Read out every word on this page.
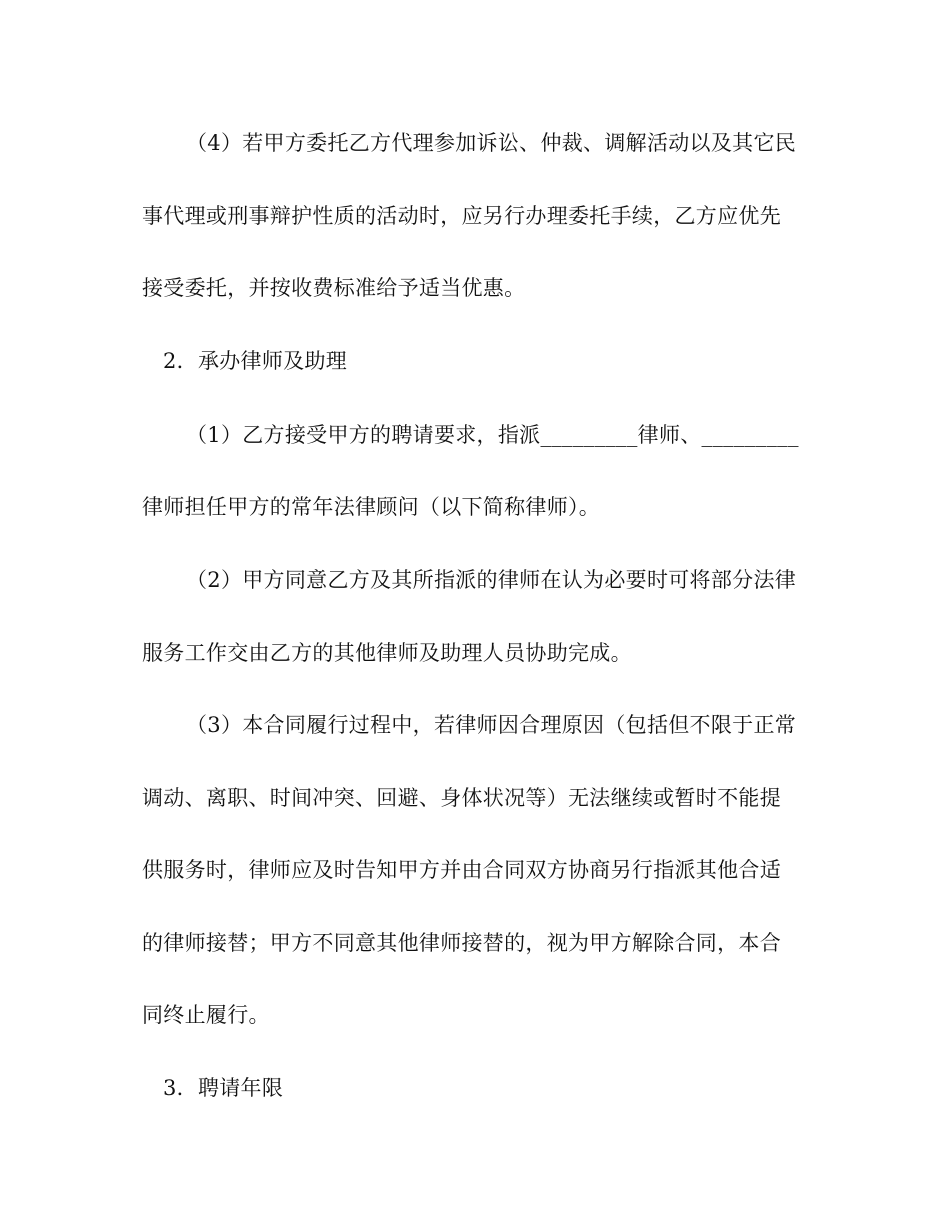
（4）若甲方委托乙方代理参加诉讼、仲裁、调解活动以及其它民
事代理或刑事辩护性质的活动时，应另行办理委托手续，乙方应优先
接受委托，并按收费标准给予适当优惠。
2．承办律师及助理
（1）乙方接受甲方的聘请要求，指派_________律师、_________
律师担任甲方的常年法律顾问（以下简称律师）。
（2）甲方同意乙方及其所指派的律师在认为必要时可将部分法律
服务工作交由乙方的其他律师及助理人员协助完成。
（3）本合同履行过程中，若律师因合理原因（包括但不限于正常
调动、离职、时间冲突、回避、身体状况等）无法继续或暂时不能提
供服务时，律师应及时告知甲方并由合同双方协商另行指派其他合适
的律师接替；甲方不同意其他律师接替的，视为甲方解除合同，本合
同终止履行。
3．聘请年限
